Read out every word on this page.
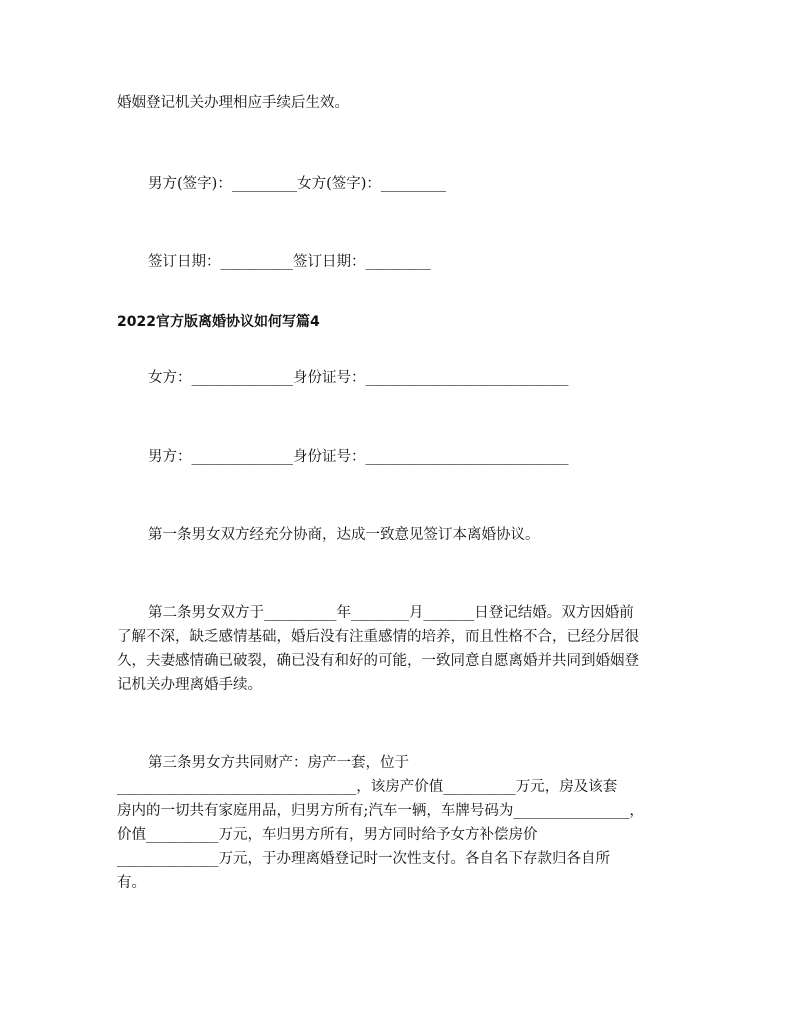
婚姻登记机关办理相应手续后生效。
男方(签字)：_________女方(签字)：_________
签订日期：__________签订日期：_________
2022官方版离婚协议如何写篇4
女方：______________身份证号：____________________________
男方：______________身份证号：____________________________
第一条男女双方经充分协商，达成一致意见签订本离婚协议。
第二条男女双方于__________年________月_______日登记结婚。双方因婚前
了解不深，缺乏感情基础，婚后没有注重感情的培养，而且性格不合，已经分居很
久，夫妻感情确已破裂，确已没有和好的可能，一致同意自愿离婚并共同到婚姻登
记机关办理离婚手续。
第三条男女方共同财产：房产一套，位于
_________________________________，该房产价值__________万元，房及该套
房内的一切共有家庭用品，归男方所有;汽车一辆，车牌号码为________________，
价值__________万元，车归男方所有，男方同时给予女方补偿房价
______________万元，于办理离婚登记时一次性支付。各自名下存款归各自所
有。
